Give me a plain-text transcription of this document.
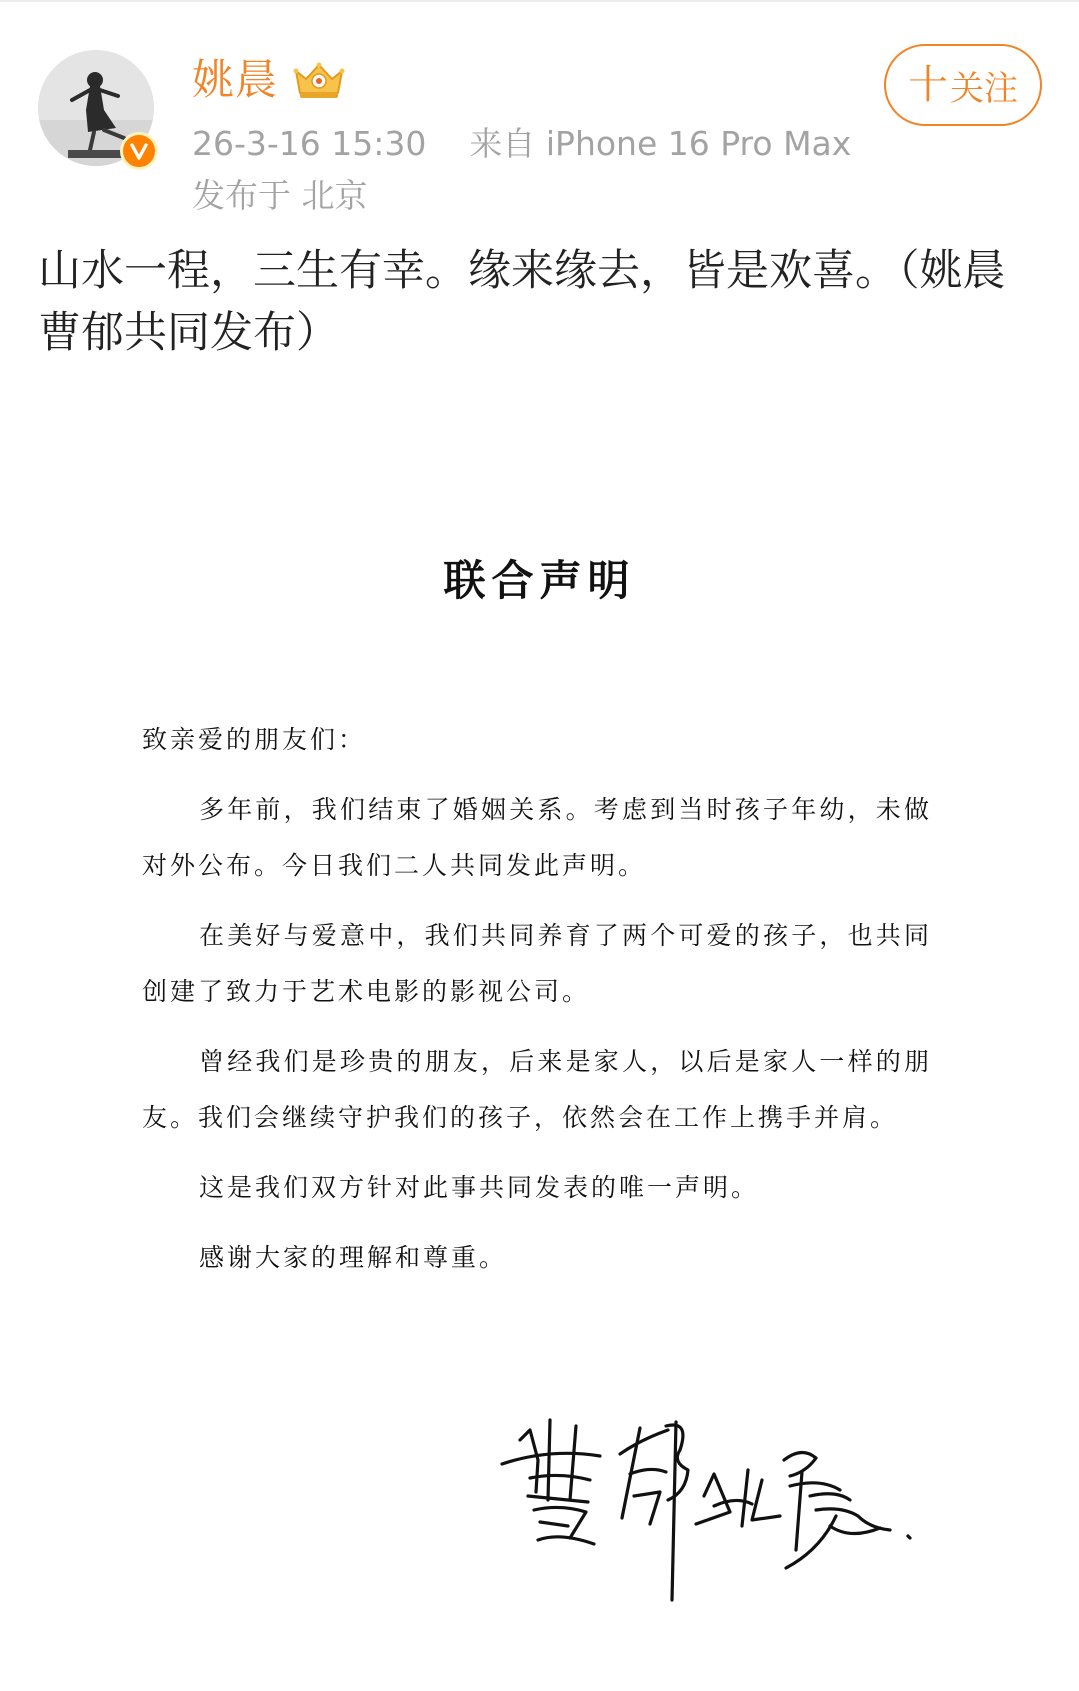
姚晨
26-3-16 15:30 来自 iPhone 16 Pro Max
发布于 北京
十 关注
山水一程，三生有幸。缘来缘去，皆是欢喜。（姚晨曹郁共同发布）
联合声明

致亲爱的朋友们：

多年前，我们结束了婚姻关系。考虑到当时孩子年幼，未做对外公布。今日我们二人共同发此声明。

在美好与爱意中，我们共同养育了两个可爱的孩子，也共同创建了致力于艺术电影的影视公司。

曾经我们是珍贵的朋友，后来是家人，以后是家人一样的朋友。我们会继续守护我们的孩子，依然会在工作上携手并肩。

这是我们双方针对此事共同发表的唯一声明。

感谢大家的理解和尊重。
